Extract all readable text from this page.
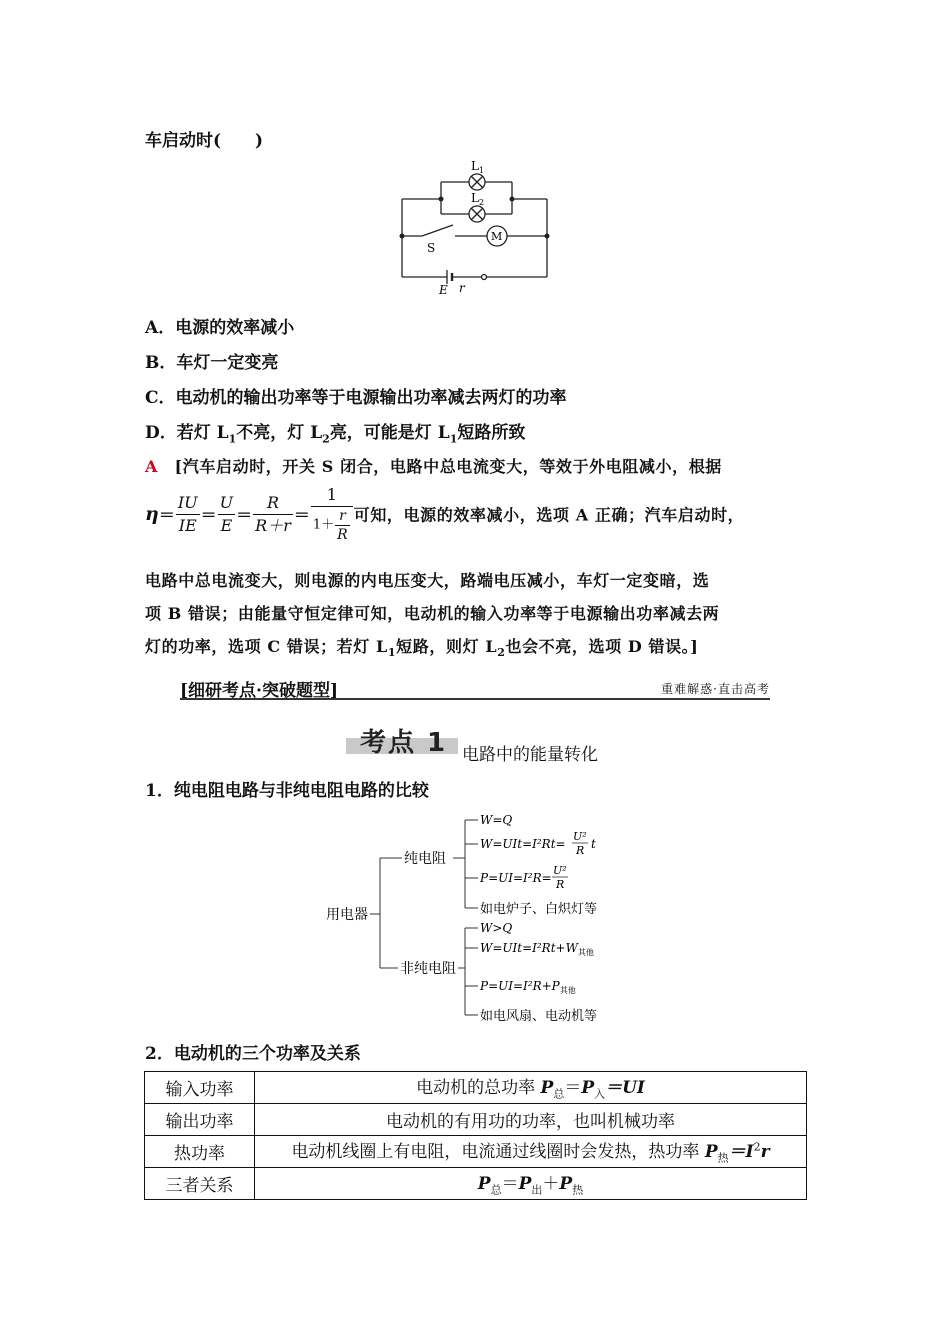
车启动时(　　)
$L_1$
$L_2$
S
M
E r
A．电源的效率减小
B．车灯一定变亮
C．电动机的输出功率等于电源输出功率减去两灯的功率
D．若灯 $L_1$不亮，灯 $L_2$亮，可能是灯 $L_1$短路所致
A　 [汽车启动时，开关 S 闭合，电路中总电流变大，等效于外电阻减小，根据
$\eta= \frac{IU}{IE} = \frac{U}{E} = \frac{R}{R+r} = \frac{1}{1+ \frac{r}{R}}$ 可知，电源的效率减小，选项 A 正确；汽车启动时，
电路中总电流变大，则电源的内电压变大，路端电压减小，车灯一定变暗，选
项 B 错误；由能量守恒定律可知，电动机的输入功率等于电源输出功率减去两
灯的功率，选项 C 错误；若灯 $L_1$短路，则灯 $L_2$也会不亮，选项 D 错误。]
[细研考点·突破题型]	重难解惑·直击高考
考点 1 电路中的能量转化
1．纯电阻电路与非纯电阻电路的比较
用电器
纯电阻
非纯电阻
W=Q
W=UIt=I²Rt=
U²
R t
P=UI=I²R=
U²
R
如电炉子、白炽灯等
W>Q
$W=UIt=I^2Rt+W_{其他}$
$P=UI=I^2R+P_{其他}$
如电风扇、电动机等
2．电动机的三个功率及关系
输入功率	电动机的总功率 $P_总=P_入=UI$
输出功率	电动机的有用功的功率，也叫机械功率
热功率	电动机线圈上有电阻，电流通过线圈时会发热，热功率 $P_热=I^2r$
三者关系	$P_总=P_出+P_热$
